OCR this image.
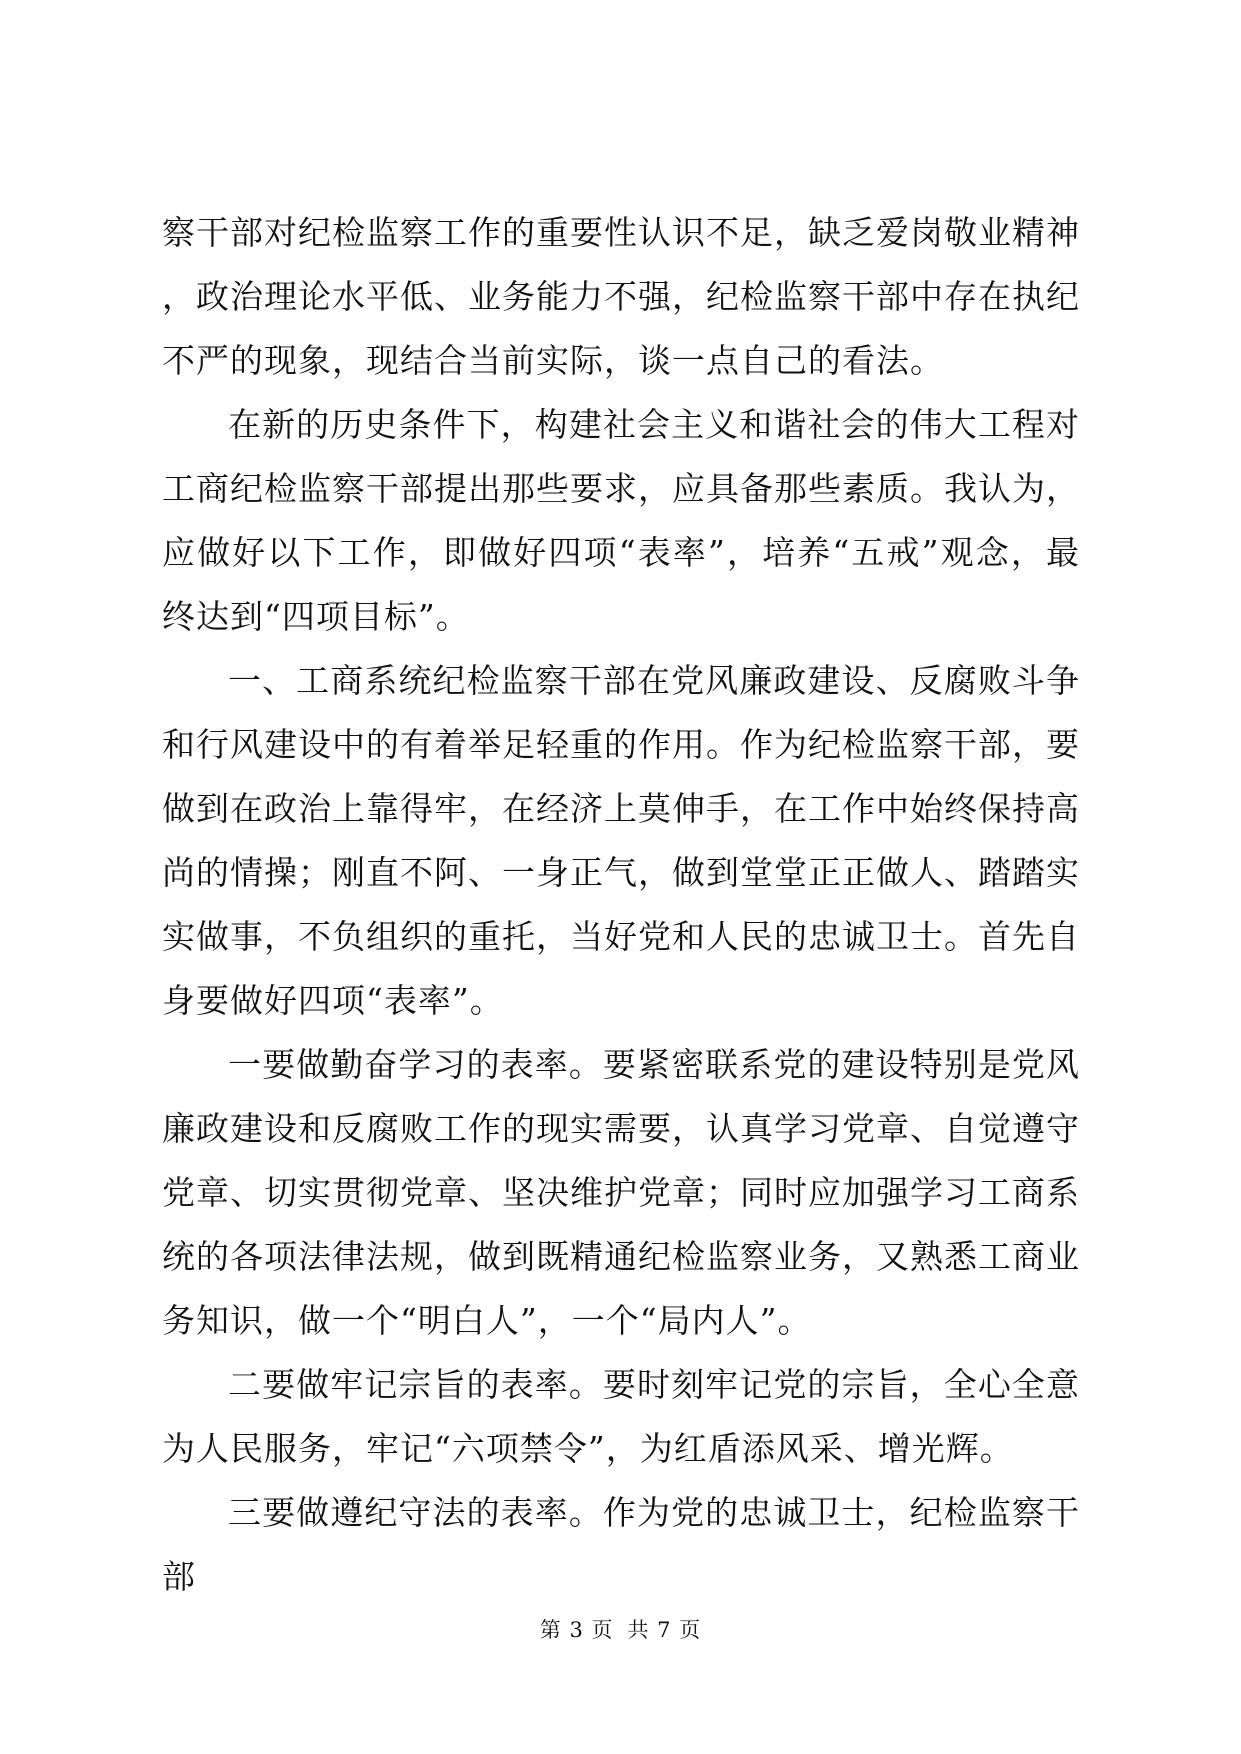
察干部对纪检监察工作的重要性认识不足，缺乏爱岗敬业精神，政治理论水平低、业务能力不强，纪检监察干部中存在执纪不严的现象，现结合当前实际，谈一点自己的看法。

在新的历史条件下，构建社会主义和谐社会的伟大工程对工商纪检监察干部提出那些要求，应具备那些素质。我认为，应做好以下工作，即做好四项“表率”，培养“五戒”观念，最终达到“四项目标”。

一、工商系统纪检监察干部在党风廉政建设、反腐败斗争和行风建设中的有着举足轻重的作用。作为纪检监察干部，要做到在政治上靠得牢，在经济上莫伸手，在工作中始终保持高尚的情操；刚直不阿、一身正气，做到堂堂正正做人、踏踏实实做事，不负组织的重托，当好党和人民的忠诚卫士。首先自身要做好四项“表率”。

一要做勤奋学习的表率。要紧密联系党的建设特别是党风廉政建设和反腐败工作的现实需要，认真学习党章、自觉遵守党章、切实贯彻党章、坚决维护党章；同时应加强学习工商系统的各项法律法规，做到既精通纪检监察业务，又熟悉工商业务知识，做一个“明白人”，一个“局内人”。

二要做牢记宗旨的表率。要时刻牢记党的宗旨，全心全意为人民服务，牢记“六项禁令”，为红盾添风采、增光辉。

三要做遵纪守法的表率。作为党的忠诚卫士，纪检监察干部

第 3 页 共 7 页
